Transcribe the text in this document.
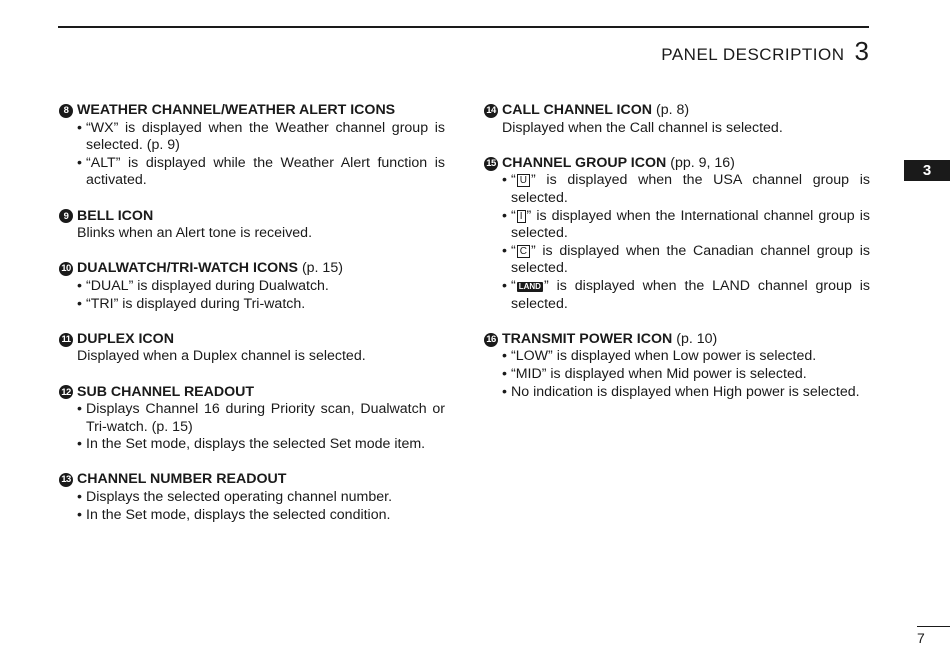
PANEL DESCRIPTION 3
3
8 WEATHER CHANNEL/WEATHER ALERT ICONS
• “WX” is displayed when the Weather channel group is selected. (p. 9)
• “ALT” is displayed while the Weather Alert function is activated.
9 BELL ICON
Blinks when an Alert tone is received.
10 DUALWATCH/TRI-WATCH ICONS (p. 15)
• “DUAL” is displayed during Dualwatch.
• “TRI” is displayed during Tri-watch.
11 DUPLEX ICON
Displayed when a Duplex channel is selected.
12 SUB CHANNEL READOUT
• Displays Channel 16 during Priority scan, Dualwatch or Tri-watch. (p. 15)
• In the Set mode, displays the selected Set mode item.
13 CHANNEL NUMBER READOUT
• Displays the selected operating channel number.
• In the Set mode, displays the selected condition.
14 CALL CHANNEL ICON (p. 8)
Displayed when the Call channel is selected.
15 CHANNEL GROUP ICON (pp. 9, 16)
• “ U ” is displayed when the USA channel group is selected.
• “ I ” is displayed when the International channel group is selected.
• “ C ” is displayed when the Canadian channel group is selected.
• “ LAND ” is displayed when the LAND channel group is selected.
16 TRANSMIT POWER ICON (p. 10)
• “LOW” is displayed when Low power is selected.
• “MID” is displayed when Mid power is selected.
• No indication is displayed when High power is selected.
7
